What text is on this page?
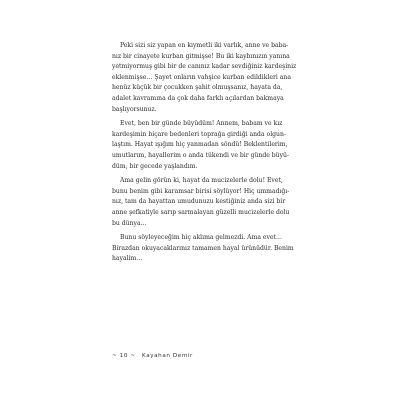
Peki sizi siz yapan en kıymetli iki varlık, anne ve baba-
nız bir cinayete kurban gitmişse! Bu iki kaybınızın yanına
yetmiyormuş gibi bir de canınız kadar sevdiğiniz kardeşiniz
eklenmişse… Şayet onların vahşice kurban edildikleri ana
henüz küçük bir çocukken şahit olmuşsanız, hayata da,
adalet kavramına da çok daha farklı açılardan bakmaya
başlıyorsunuz.
Evet, ben bir günde büyüdüm! Annem, babam ve kız
kardeşimin biçare bedenleri toprağa girdiği anda olgun-
laştım. Hayat ışığım hiç yanmadan söndü! Beklentilerim,
umutlarım, hayallerim o anda tükendi ve bir günde büyü-
düm, bir gecede yaşlandım.
Ama gelin görün ki, hayat da mucizelerle dolu! Evet,
bunu benim gibi karamsar birisi söylüyor! Hiç ummadığı-
nız, tam da hayattan umudunuzu kestiğiniz anda sizi bir
anne şefkatiyle sarıp sarmalayan güzelli mucizelerle dolu
bu dünya…
Bunu söyleyeceğim hiç aklıma gelmezdi. Ama evet…
Birazdan okuyacaklarınız tamamen hayal ürünüdür. Benim
hayalim…
~ 10 ~ Kayahan Demir
